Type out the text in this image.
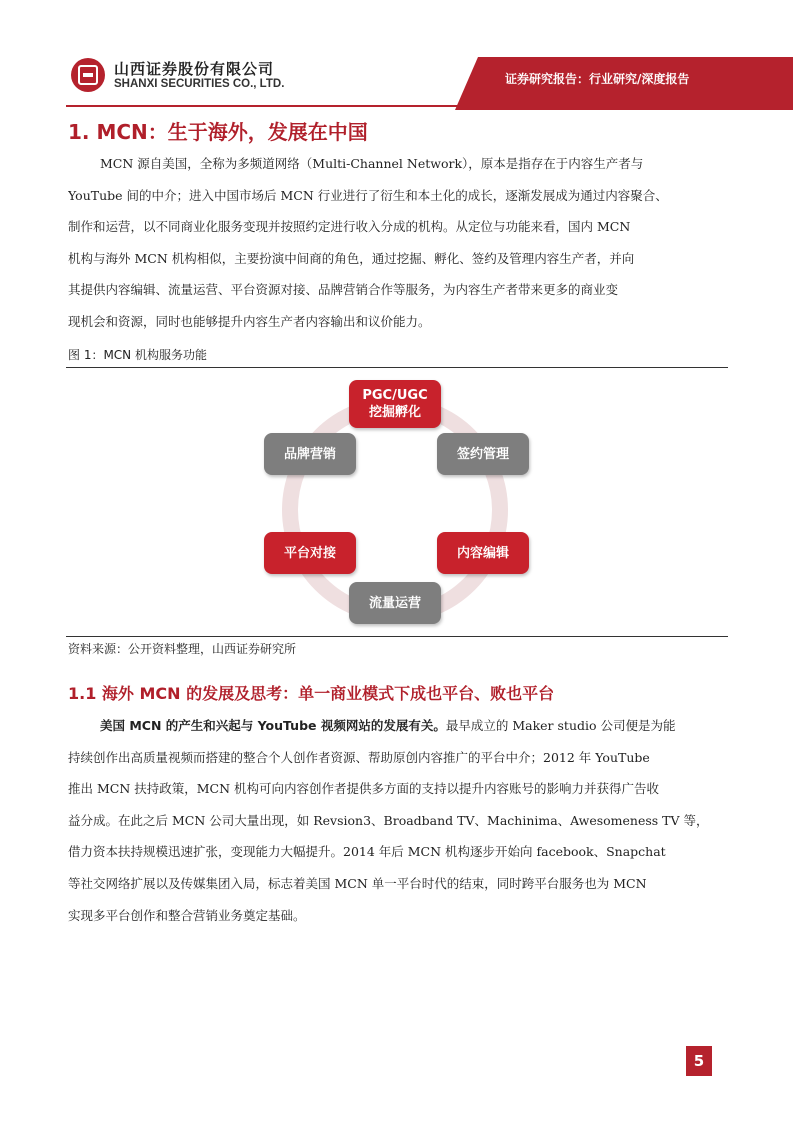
山西证券股份有限公司
SHANXI SECURITIES CO., LTD.	证券研究报告：行业研究/深度报告
1. MCN：生于海外，发展在中国

MCN 源自美国，全称为多频道网络（Multi-Channel Network），原本是指存在于内容生产者与

YouTube 间的中介；进入中国市场后 MCN 行业进行了衍生和本土化的成长，逐渐发展成为通过内容聚合、

制作和运营，以不同商业化服务变现并按照约定进行收入分成的机构。从定位与功能来看，国内 MCN

机构与海外 MCN 机构相似，主要扮演中间商的角色，通过挖掘、孵化、签约及管理内容生产者，并向

其提供内容编辑、流量运营、平台资源对接、品牌营销合作等服务，为内容生产者带来更多的商业变

现机会和资源，同时也能够提升内容生产者内容输出和议价能力。

图 1：MCN 机构服务功能
PGC/UGC
挖掘孵化
签约管理
内容编辑
流量运营
平台对接
品牌营销
资料来源：公开资料整理，山西证券研究所
1.1 海外 MCN 的发展及思考：单一商业模式下成也平台、败也平台

美国 MCN 的产生和兴起与 YouTube 视频网站的发展有关。最早成立的 Maker studio 公司便是为能

持续创作出高质量视频而搭建的整合个人创作者资源、帮助原创内容推广的平台中介；2012 年 YouTube

推出 MCN 扶持政策，MCN 机构可向内容创作者提供多方面的支持以提升内容账号的影响力并获得广告收

益分成。在此之后 MCN 公司大量出现，如 Revsion3、Broadband TV、Machinima、Awesomeness TV 等，

借力资本扶持规模迅速扩张，变现能力大幅提升。2014 年后 MCN 机构逐步开始向 facebook、Snapchat

等社交网络扩展以及传媒集团入局，标志着美国 MCN 单一平台时代的结束，同时跨平台服务也为 MCN

实现多平台创作和整合营销业务奠定基础。

5
